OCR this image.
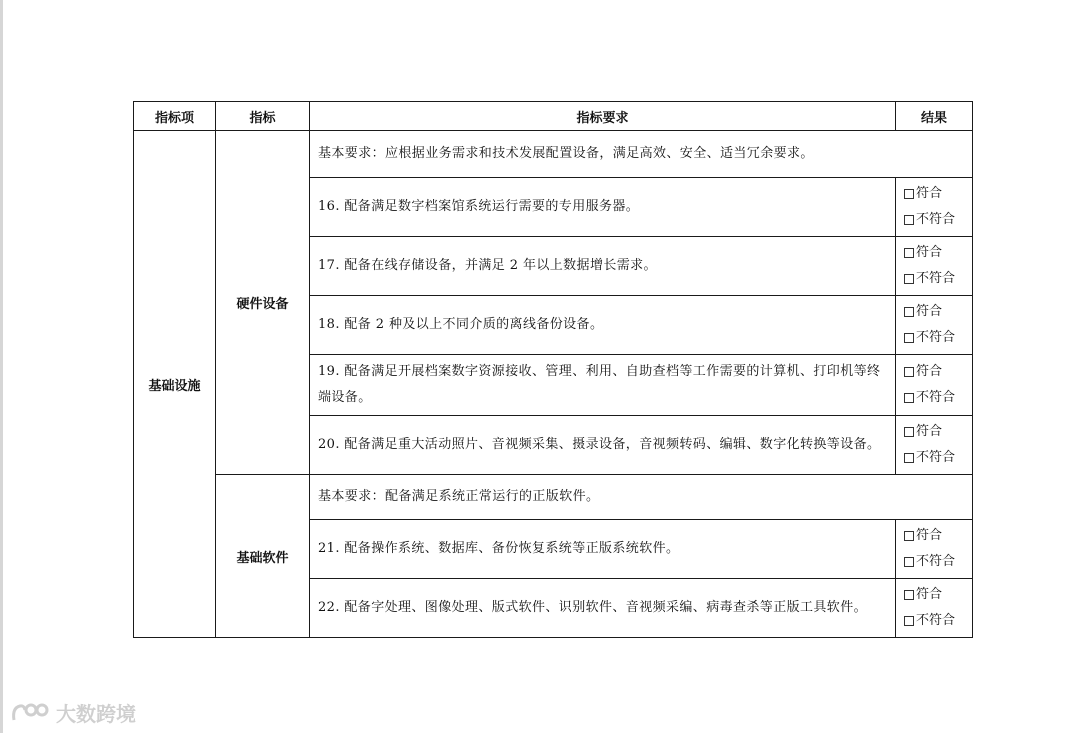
指标项	指标	指标要求	结果
基础设施	硬件设备	基本要求：应根据业务需求和技术发展配置设备，满足高效、安全、适当冗余要求。	
		16. 配备满足数字档案馆系统运行需要的专用服务器。	符合
不符合

		17. 配备在线存储设备，并满足 2 年以上数据增长需求。	符合
不符合

		18. 配备 2 种及以上不同介质的离线备份设备。	符合
不符合

		19. 配备满足开展档案数字资源接收、管理、利用、自助查档等工作需要的计算机、打印机等终端设备。	符合
不符合

		20. 配备满足重大活动照片、音视频采集、摄录设备，音视频转码、编辑、数字化转换等设备。	符合
不符合

	基础软件	基本要求：配备满足系统正常运行的正版软件。	
		21. 配备操作系统、数据库、备份恢复系统等正版系统软件。	符合
不符合

		22. 配备字处理、图像处理、版式软件、识别软件、音视频采编、病毒查杀等正版工具软件。	符合
不符合
大数跨境
